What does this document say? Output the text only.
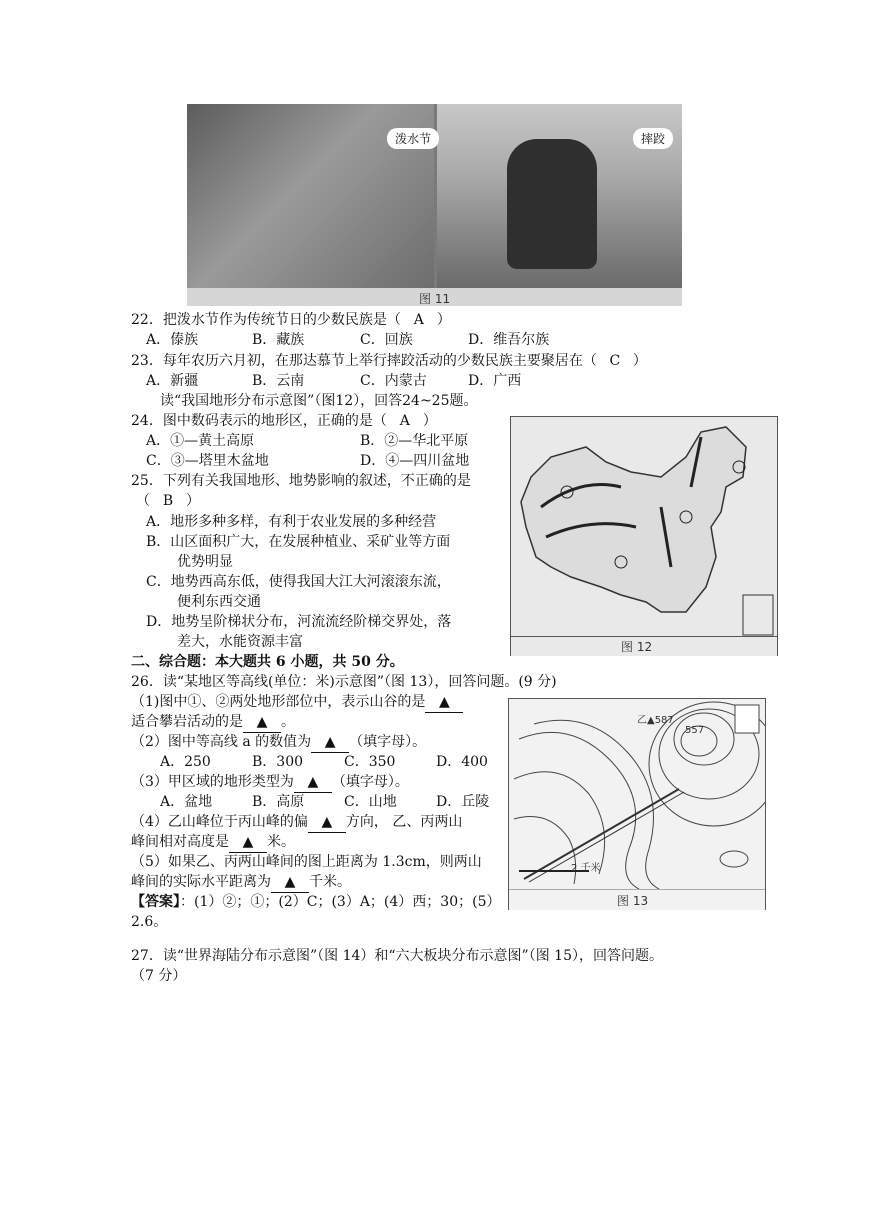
泼水节	摔跤
图 11
22．把泼水节作为传统节日的少数民族是（ A ）
A．傣族	B．藏族	C．回族	D．维吾尔族
23．每年农历六月初，在那达慕节上举行摔跤活动的少数民族主要聚居在（ C ）
A．新疆	B．云南	C．内蒙古	D．广西
读“我国地形分布示意图”（图12），回答24~25题。
24．图中数码表示的地形区，正确的是（ A ）
A．①—黄土高原	B．②—华北平原
C．③—塔里木盆地	D．④—四川盆地
25．下列有关我国地形、地势影响的叙述，不正确的是
（ B ）
A．地形多种多样，有利于农业发展的多种经营
B．山区面积广大，在发展种植业、采矿业等方面
优势明显
C．地势西高东低，使得我国大江大河滚滚东流，
便利东西交通
D．地势呈阶梯状分布，河流流经阶梯交界处，落
差大，水能资源丰富	图 12
二、综合题：本大题共 6 小题，共 50 分。
26．读“某地区等高线(单位：米)示意图”（图 13），回答问题。(9 分)
（1)图中①、②两处地形部位中，表示山谷的是 ▲
适合攀岩活动的是 ▲ 。
（2）图中等高线 a 的数值为 ▲ （填字母）。
A．250	B．300	C．350	D．400
（3）甲区域的地形类型为 ▲ （填字母）。
A．盆地	B．高原	C．山地	D．丘陵
（4）乙山峰位于丙山峰的偏 ▲ 方向， 乙、丙两山
峰间相对高度是 ▲ 米。
（5）如果乙、丙两山峰间的图上距离为 1.3cm，则两山
峰间的实际水平距离为 ▲ 千米。
【答案】：(1）②；①；(2）C；(3）A；(4）西；30；(5）
2.6。
乙▲587
557
2 千米
图 13
27．读“世界海陆分布示意图”（图 14）和“六大板块分布示意图”（图 15），回答问题。
（7 分）
